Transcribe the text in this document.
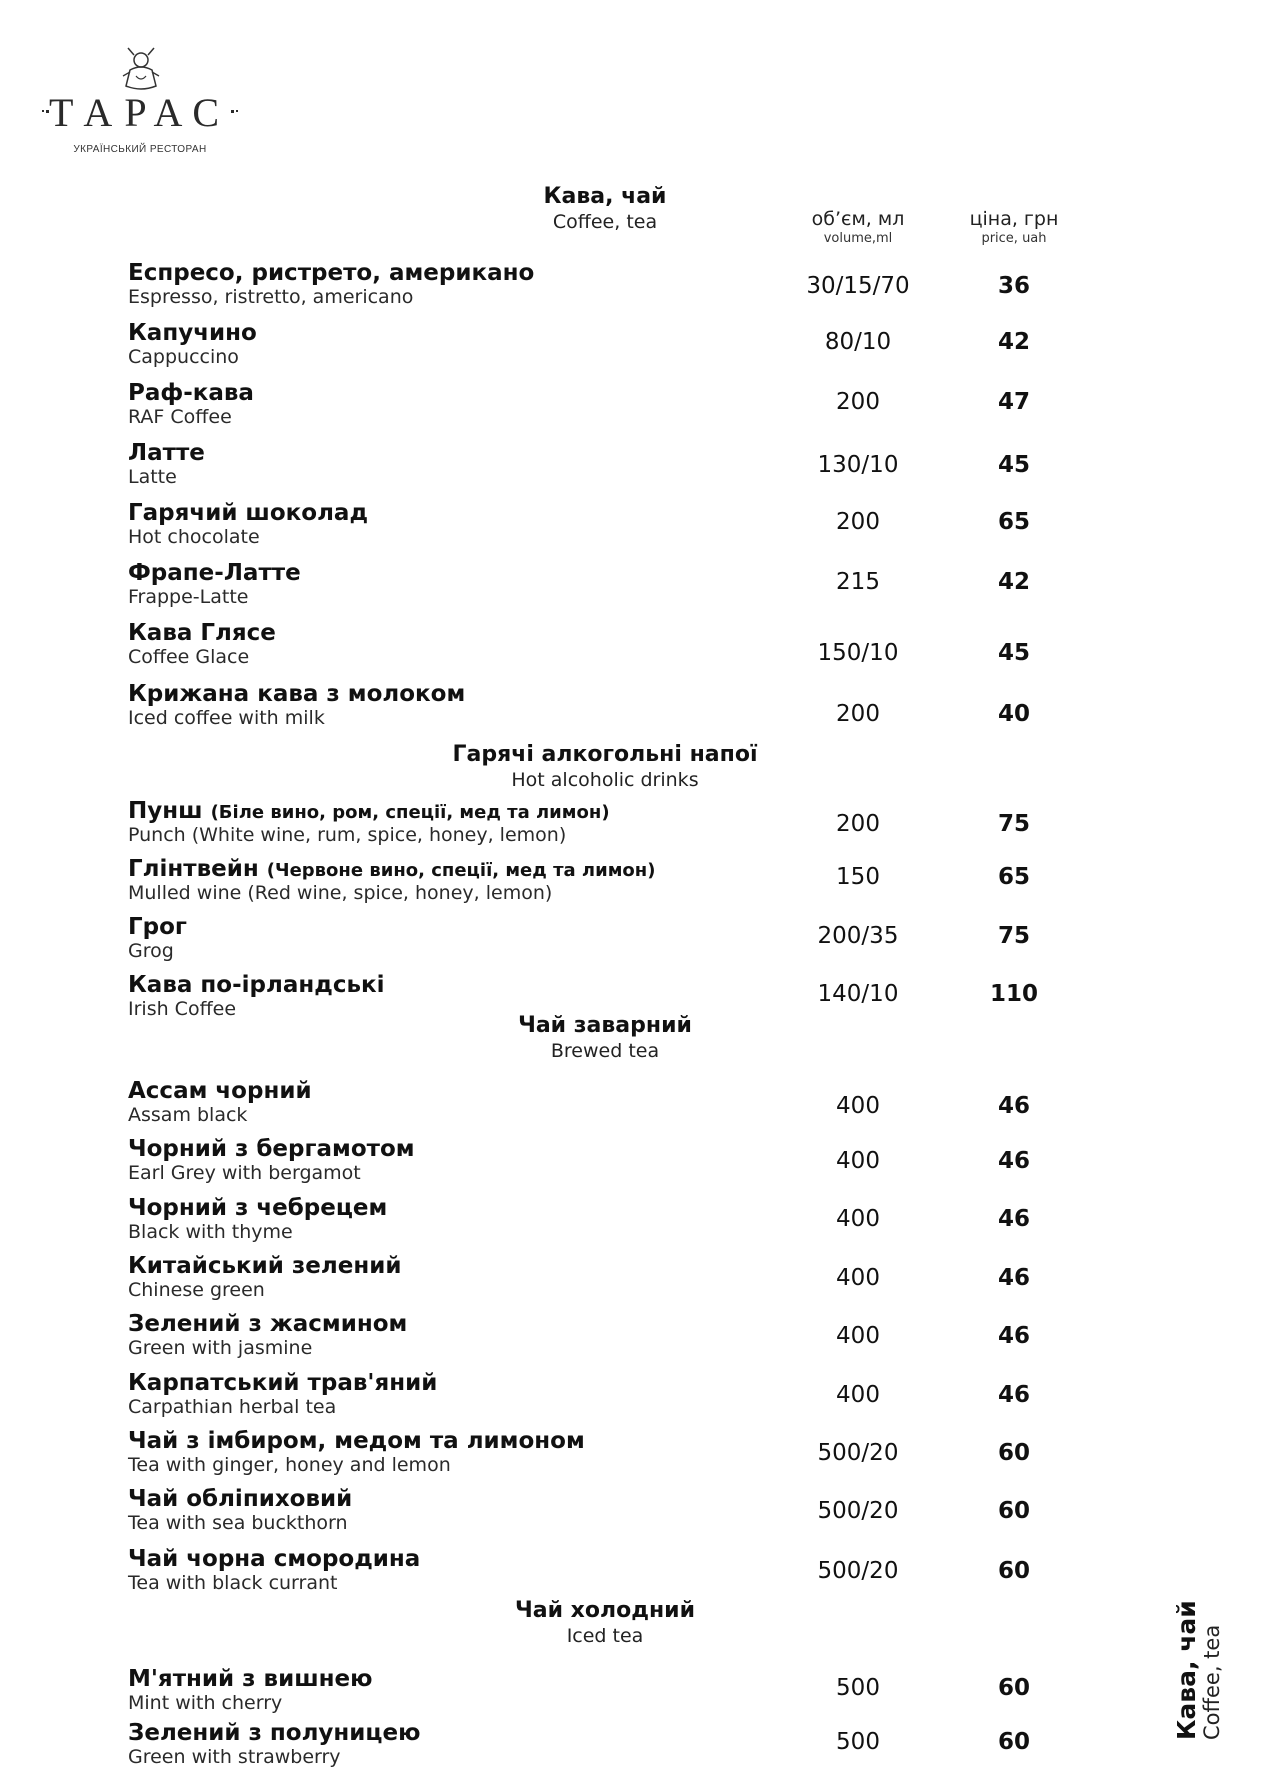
ТАРАС
УКРАЇНСЬКИЙ РЕСТОРАН
об’єм, мл
volume,ml
ціна, грн
price, uah
Кава, чай
Coffee, tea
Гарячі алкогольні напої
Hot alcoholic drinks
Чай заварний
Brewed tea
Чай холодний
Iced tea
Еспресо, ристрето, американо
Espresso, ristretto, americano	30/15/70	36
Капучино
Cappuccino
80/10	42
Раф-кава
RAF Coffee
200	47
Латте
Latte	130/10	45
Гарячий шоколад
Hot chocolate
200	65
Фрапе-Латте
Frappe-Latte
215	42
Кава Глясе
Coffee Glace	150/10	45
Крижана кава з молоком
Iced coffee with milk	200	40
Пунш (Біле вино, ром, спеції, мед та лимон)
Punch (White wine, rum, spice, honey, lemon)	200	75
Глінтвейн (Червоне вино, спеції, мед та лимон)
Mulled wine (Red wine, spice, honey, lemon)
150	65
Грог
Grog
200/35	75
Кава по-ірландські
Irish Coffee
140/10	110
Ассам чорний
Assam black	400	46
Чорний з бергамотом
Earl Grey with bergamot	400	46
Чорний з чебрецем
Black with thyme	400	46
Китайський зелений
Chinese green	400	46
Зелений з жасмином
Green with jasmine	400	46
Карпатський трав'яний
Carpathian herbal tea	400	46
Чай з імбиром, медом та лимоном
Tea with ginger, honey and lemon	500/20	60
Чай обліпиховий
Tea with sea buckthorn	500/20	60
Чай чорна смородина
Tea with black currant	500/20	60
М'ятний з вишнею
Mint with cherry
500	60
Зелений з полуницею
Green with strawberry
500	60
Кава, чай Coffee, tea
